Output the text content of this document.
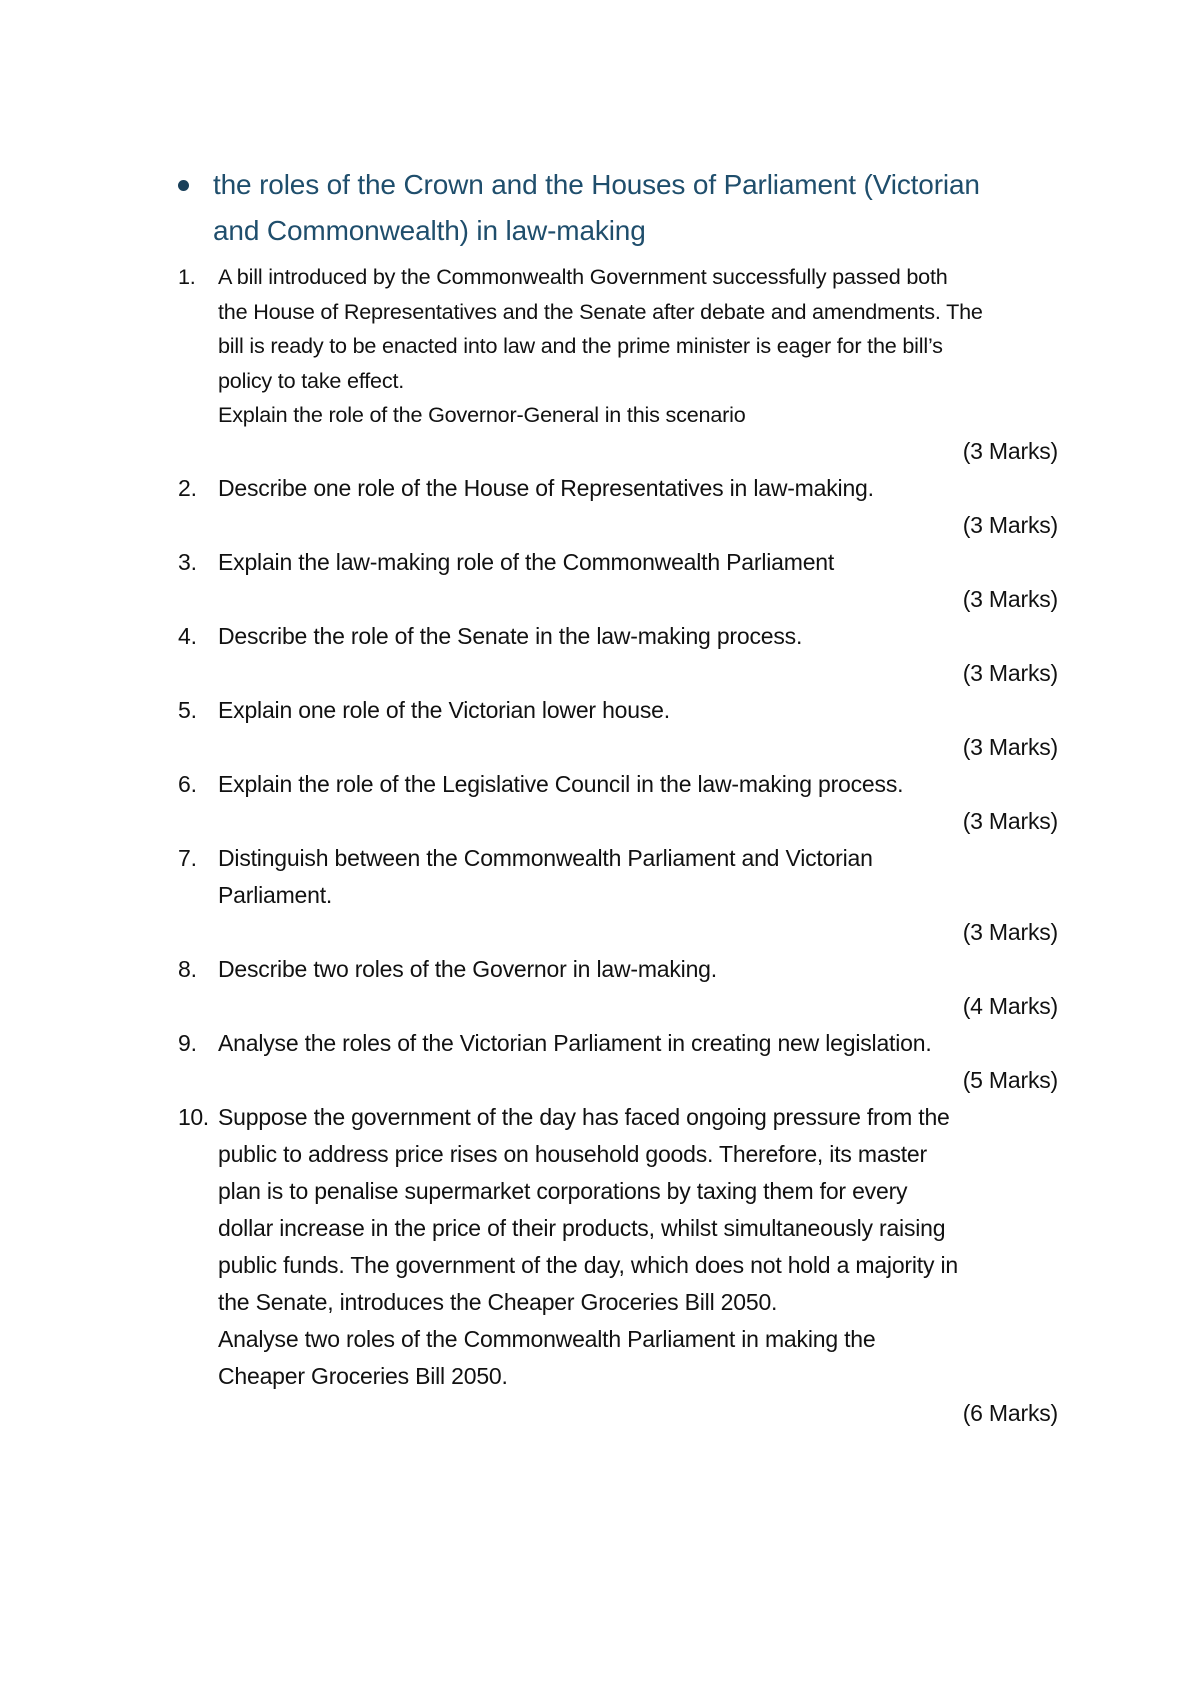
the roles of the Crown and the Houses of Parliament (Victorian
and Commonwealth) in law-making
1.	A bill introduced by the Commonwealth Government successfully passed both
the House of Representatives and the Senate after debate and amendments. The
bill is ready to be enacted into law and the prime minister is eager for the bill’s
policy to take effect.
Explain the role of the Governor-General in this scenario
(3 Marks)
2. Describe one role of the House of Representatives in law-making.
(3 Marks)
3. Explain the law-making role of the Commonwealth Parliament
(3 Marks)
4. Describe the role of the Senate in the law-making process.
(3 Marks)
5. Explain one role of the Victorian lower house.
(3 Marks)
6. Explain the role of the Legislative Council in the law-making process.
(3 Marks)
7. Distinguish between the Commonwealth Parliament and Victorian
Parliament.
(3 Marks)
8. Describe two roles of the Governor in law-making.
(4 Marks)
9. Analyse the roles of the Victorian Parliament in creating new legislation.
(5 Marks)
10. Suppose the government of the day has faced ongoing pressure from the
public to address price rises on household goods. Therefore, its master
plan is to penalise supermarket corporations by taxing them for every
dollar increase in the price of their products, whilst simultaneously raising
public funds. The government of the day, which does not hold a majority in
the Senate, introduces the Cheaper Groceries Bill 2050.
Analyse two roles of the Commonwealth Parliament in making the
Cheaper Groceries Bill 2050.
(6 Marks)
